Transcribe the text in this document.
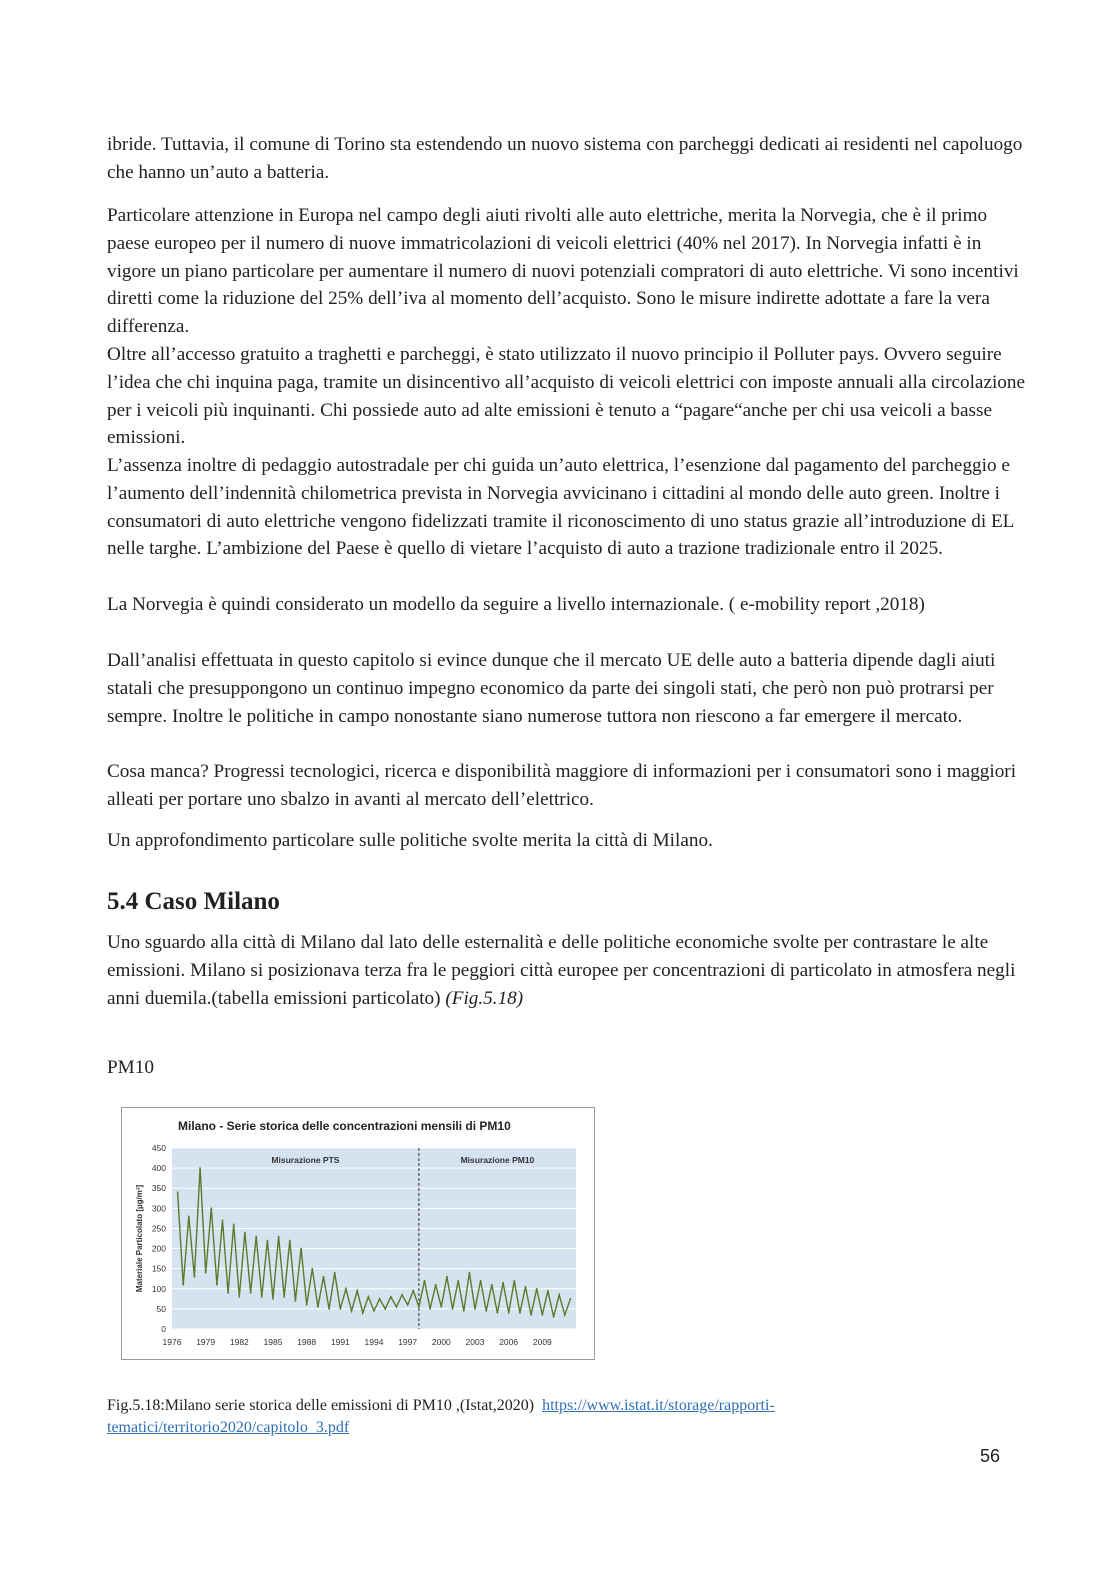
ibride. Tuttavia, il comune di Torino sta estendendo un nuovo sistema con parcheggi dedicati ai residenti nel capoluogo che hanno un’auto a batteria.

Particolare attenzione in Europa nel campo degli aiuti rivolti alle auto elettriche, merita la Norvegia, che è il primo paese europeo per il numero di nuove immatricolazioni di veicoli elettrici (40% nel 2017). In Norvegia infatti è in vigore un piano particolare per aumentare il numero di nuovi potenziali compratori di auto elettriche. Vi sono incentivi diretti come la riduzione del 25% dell’iva al momento dell’acquisto. Sono le misure indirette adottate a fare la vera differenza.

Oltre all’accesso gratuito a traghetti e parcheggi, è stato utilizzato il nuovo principio il Polluter pays. Ovvero seguire l’idea che chi inquina paga, tramite un disincentivo all’acquisto di veicoli elettrici con imposte annuali alla circolazione per i veicoli più inquinanti. Chi possiede auto ad alte emissioni è tenuto a “pagare“anche per chi usa veicoli a basse emissioni.

L’assenza inoltre di pedaggio autostradale per chi guida un’auto elettrica, l’esenzione dal pagamento del parcheggio e l’aumento dell’indennità chilometrica prevista in Norvegia avvicinano i cittadini al mondo delle auto green. Inoltre i consumatori di auto elettriche vengono fidelizzati tramite il riconoscimento di uno status grazie all’introduzione di EL nelle targhe. L’ambizione del Paese è quello di vietare l’acquisto di auto a trazione tradizionale entro il 2025.

La Norvegia è quindi considerato un modello da seguire a livello internazionale. ( e-mobility report ,2018)

Dall’analisi effettuata in questo capitolo si evince dunque che il mercato UE delle auto a batteria dipende dagli aiuti statali che presuppongono un continuo impegno economico da parte dei singoli stati, che però non può protrarsi per sempre. Inoltre le politiche in campo nonostante siano numerose tuttora non riescono a far emergere il mercato.

Cosa manca? Progressi tecnologici, ricerca e disponibilità maggiore di informazioni per i consumatori sono i maggiori alleati per portare uno sbalzo in avanti al mercato dell’elettrico.

Un approfondimento particolare sulle politiche svolte merita la città di Milano.

5.4 Caso Milano

Uno sguardo alla città di Milano dal lato delle esternalità e delle politiche economiche svolte per contrastare le alte emissioni. Milano si posizionava terza fra le peggiori città europee per concentrazioni di particolato in atmosfera negli anni duemila.(tabella emissioni particolato) (Fig.5.18)

PM10

Milano - Serie storica delle concentrazioni mensili di PM10
0
50
100
150
200
250
300
350
400
450
1976 1979 1982 1985 1988 1991 1994 1997 2000 2003 2006 2009
Misurazione PTS	Misurazione PM10
Materiale Particolato [µg/m³]

Fig.5.18:Milano serie storica delle emissioni di PM10 ,(Istat,2020) https://www.istat.it/storage/rapporti-tematici/territorio2020/capitolo_3.pdf

56
